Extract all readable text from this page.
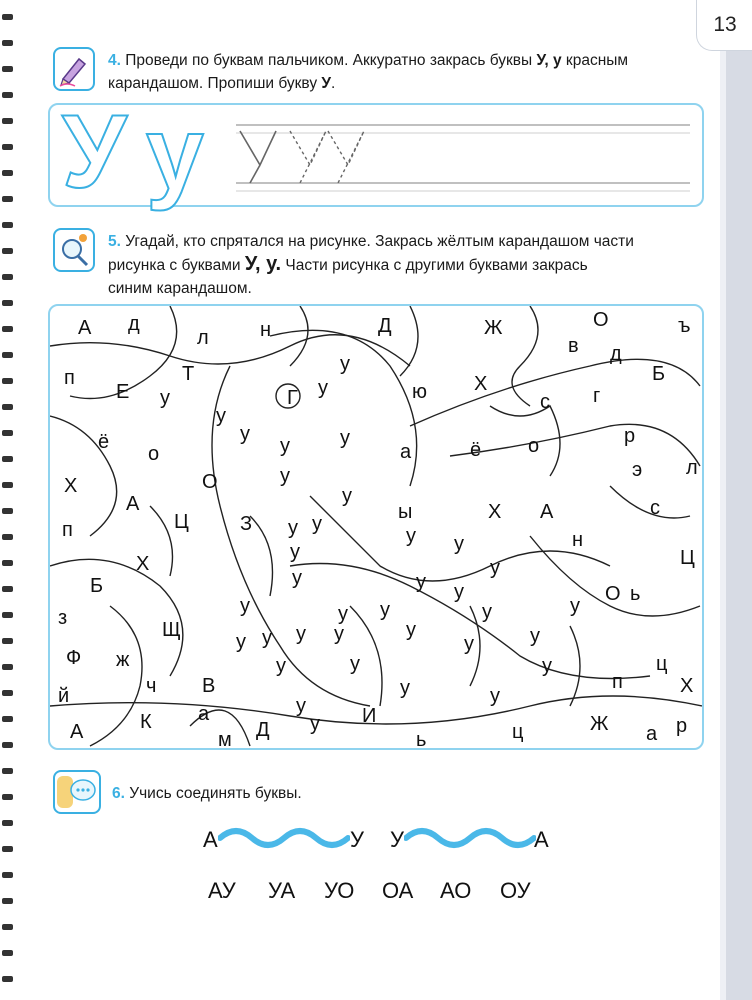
13
4. Проведи по буквам пальчиком. Аккуратно закрась буквы У, у красным
карандашом. Пропиши букву У.
У у
5. Угадай, кто спрятался на рисунке. Закрась жёлтым карандашом части
рисунка с буквами У, у. Части рисунка с другими буквами закрась
синим карандашом.
А д
л	н	Д	Ж	О	ъ
в д
п
Е
Т
у
у
у	ю Х	Б
Г	с г
у
у
у	у
а	ё
р
ё
о	о
Х	О	у	э л
А	у
ы	Х А	с
п	Ц	З у у
у у	н
Х
у
у	у	Ц
Б	у у	О ь
з
у	у у	у	у
Щ
у у у у	у
у	у
у
Ф ж	у	у
у	у
ц
ч В	п	Х
й
а	у
А	К
м Д у И
ь	ц	Ж а р
6. Учись соединять буквы.
А	У У	А
АУ УА УО ОА АО ОУ
